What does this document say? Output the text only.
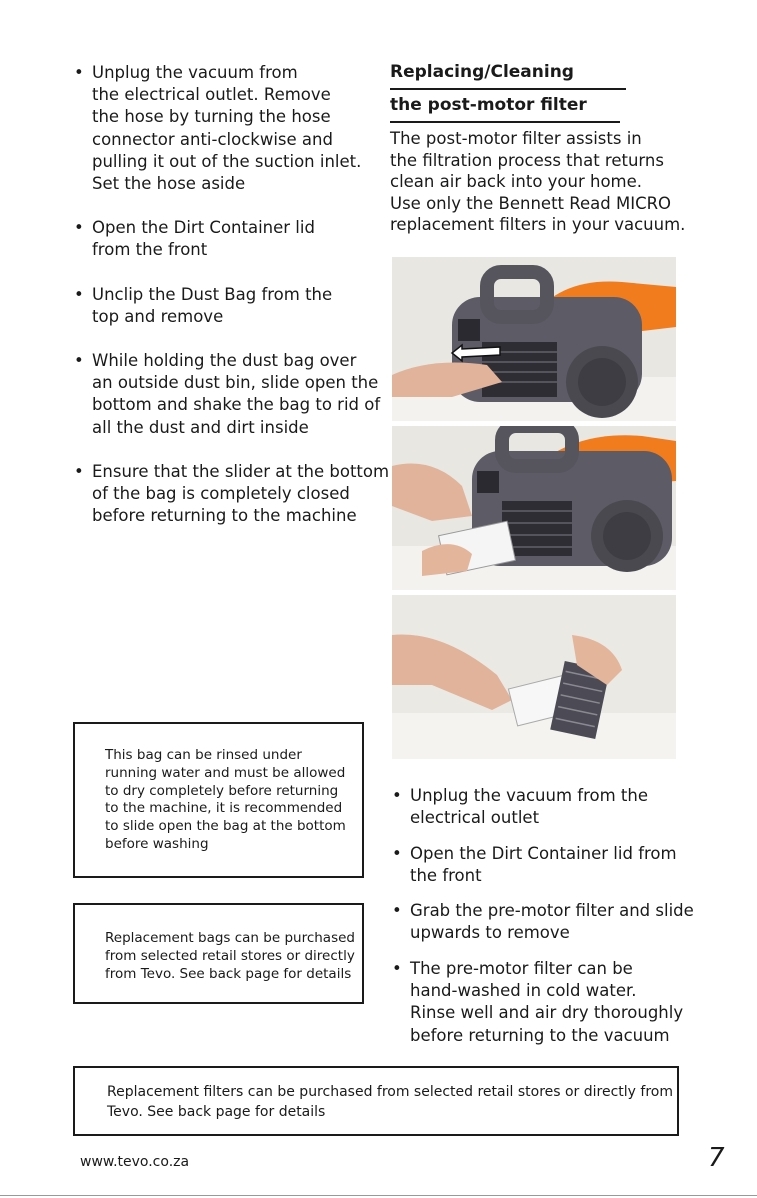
• Unplug the vacuum from
the electrical outlet. Remove
the hose by turning the hose
connector anti-clockwise and
pulling it out of the suction inlet.
Set the hose aside
• Open the Dirt Container lid
from the front
• Unclip the Dust Bag from the
top and remove
• While holding the dust bag over
an outside dust bin, slide open the
bottom and shake the bag to rid of
all the dust and dirt inside
• Ensure that the slider at the bottom
of the bag is completely closed
before returning to the machine
Replacing/Cleaning
the post-motor filter
The post-motor filter assists in
the filtration process that returns
clean air back into your home.
Use only the Bennett Read MICRO
replacement filters in your vacuum.
• Unplug the vacuum from the
electrical outlet
• Open the Dirt Container lid from
the front
• Grab the pre-motor filter and slide
upwards to remove
• The pre-motor filter can be
hand-washed in cold water.
Rinse well and air dry thoroughly
before returning to the vacuum
This bag can be rinsed under
running water and must be allowed
to dry completely before returning
to the machine, it is recommended
to slide open the bag at the bottom
before washing
Replacement bags can be purchased
from selected retail stores or directly
from Tevo. See back page for details
Replacement filters can be purchased from selected retail stores or directly from
Tevo. See back page for details
www.tevo.co.za	7
